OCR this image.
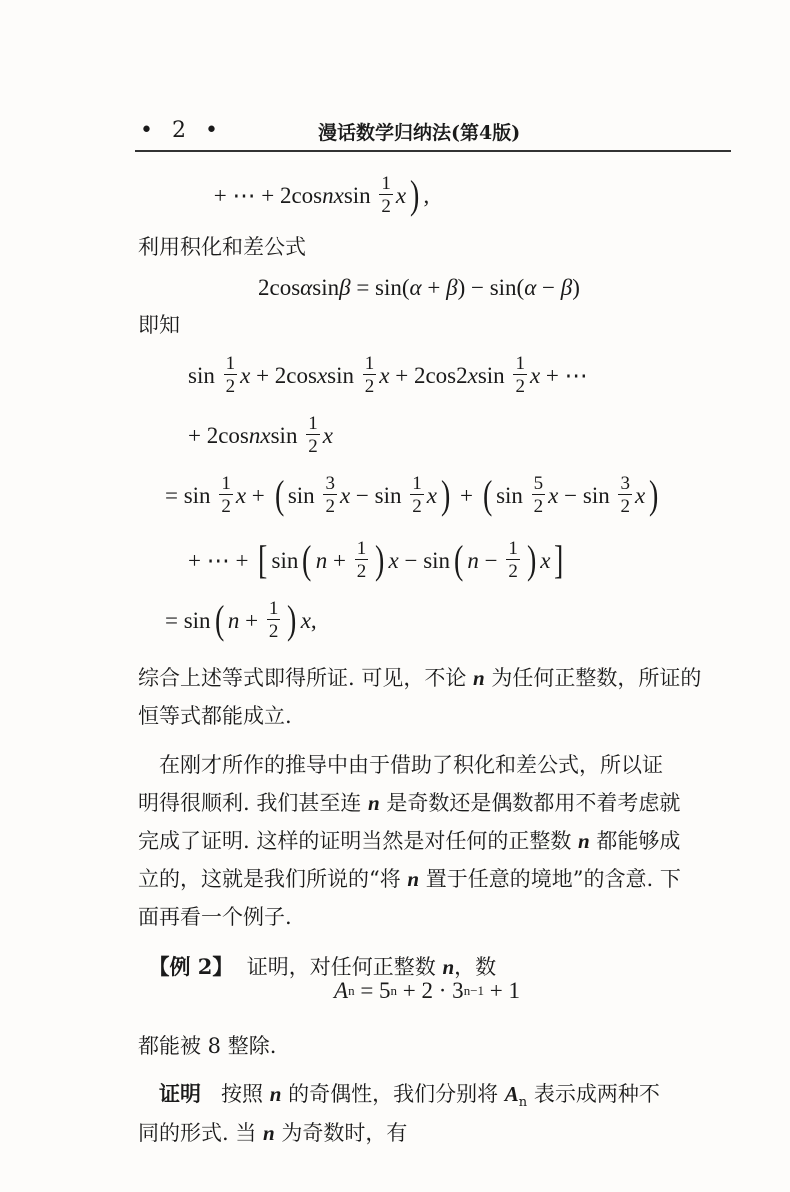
• 2 •	漫话数学归纳法(第4版)
+ ⋯ + 2cos nx $\sin \frac{1}{2}$ x ) ,
利用积化和差公式
2cos α sin β = sin( α + β ) − sin( α − β )
即知
$\sin \frac{1}{2}$ x + 2cos x $\sin \frac{1}{2}$ x + 2cos2 x $\sin \frac{1}{2}$ x + ⋯
+ 2cos nx $\sin \frac{1}{2}$ x
= $\sin \frac{1}{2}$ x + ( $\sin \frac{3}{2}$ $x - \sin \frac{1}{2}$ x ) + ( $\sin \frac{5}{2}$ $x - \sin \frac{3}{2}$ x )
+ ⋯ + [ sin ( $n + \frac{1}{2}$ ) x − sin ( $n - \frac{1}{2}$ ) x ]
= sin ( $n + \frac{1}{2}$ ) x ,
综合上述等式即得所证. 可见，不论 n 为任何正整数，所证的
恒等式都能成立.
　在刚才所作的推导中由于借助了积化和差公式，所以证
明得很顺利. 我们甚至连 n 是奇数还是偶数都用不着考虑就
完成了证明. 这样的证明当然是对任何的正整数 n 都能够成
立的，这就是我们所说的“将 n 置于任意的境地”的含意. 下
面再看一个例子.
　【例 2】  证明，对任何正整数 n，数
都能被 8 整除.
　证明   按照 n 的奇偶性，我们分别将 $A_n$ 表示成两种不
同的形式. 当 n 为奇数时，有
A n = 5 n + 2 · 3 n−1 + 1
